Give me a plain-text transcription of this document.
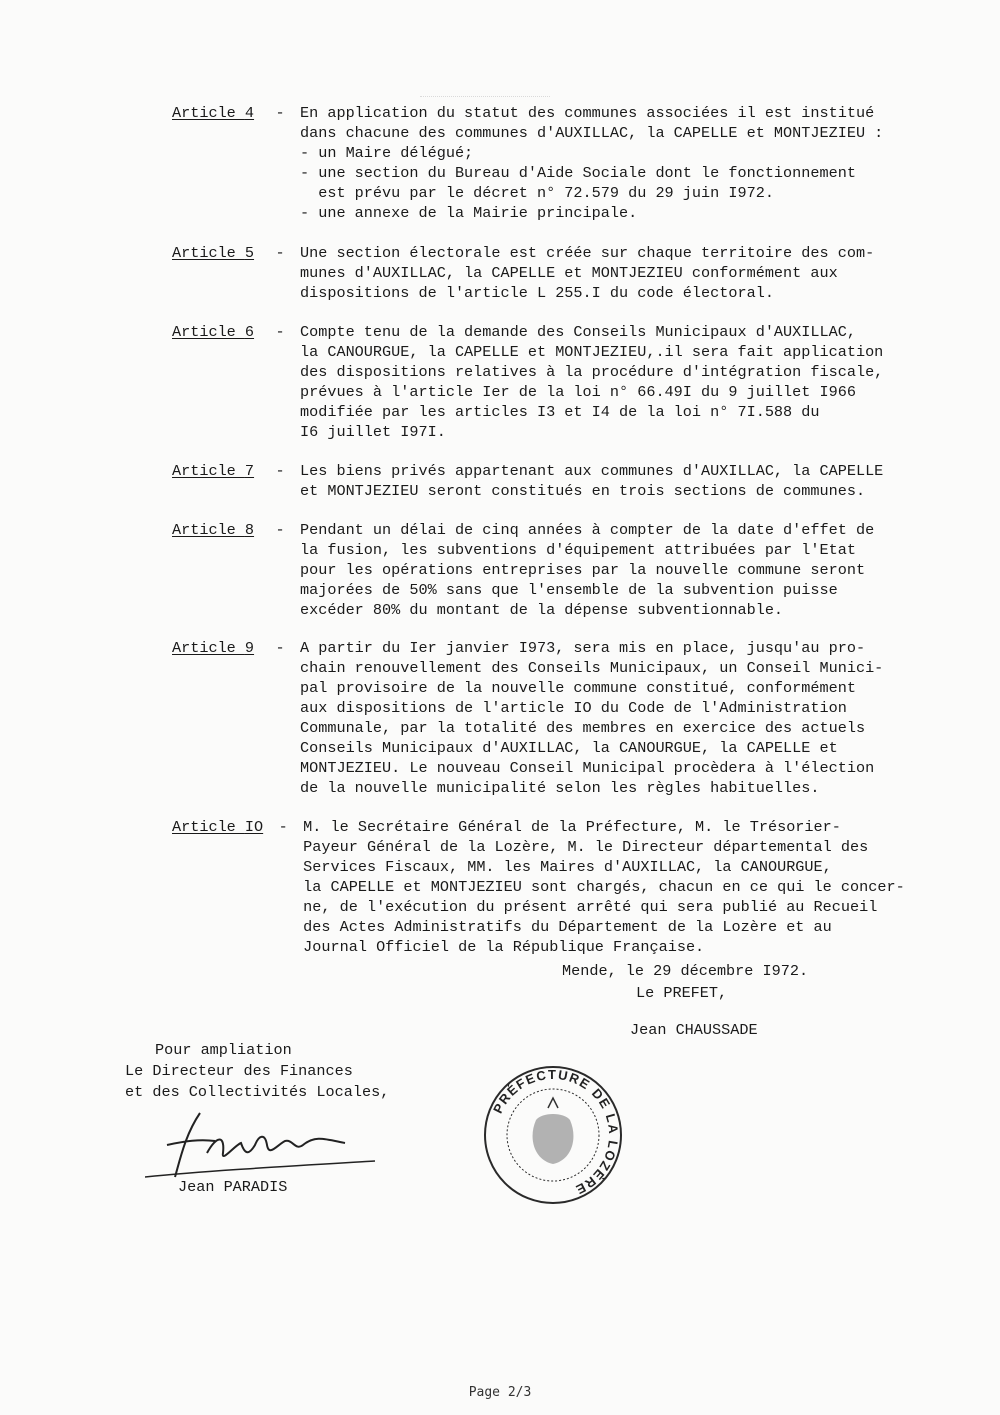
Article 4	-	En application du statut des communes associées il est institué
dans chacune des communes d'AUXILLAC, la CAPELLE et MONTJEZIEU :
- un Maire délégué;
- une section du Bureau d'Aide Sociale dont le fonctionnement
est prévu par le décret n° 72.579 du 29 juin I972.
- une annexe de la Mairie principale.
Article 5	-	Une section électorale est créée sur chaque territoire des com-
munes d'AUXILLAC, la CAPELLE et MONTJEZIEU conformément aux
dispositions de l'article L 255.I du code électoral.
Article 6	-	Compte tenu de la demande des Conseils Municipaux d'AUXILLAC,
la CANOURGUE, la CAPELLE et MONTJEZIEU,.il sera fait application
des dispositions relatives à la procédure d'intégration fiscale,
prévues à l'article Ier de la loi n° 66.49I du 9 juillet I966
modifiée par les articles I3 et I4 de la loi n° 7I.588 du
I6 juillet I97I.
Article 7	-	Les biens privés appartenant aux communes d'AUXILLAC, la CAPELLE
et MONTJEZIEU seront constitués en trois sections de communes.
Article 8	-	Pendant un délai de cinq années à compter de la date d'effet de
la fusion, les subventions d'équipement attribuées par l'Etat
pour les opérations entreprises par la nouvelle commune seront
majorées de 50% sans que l'ensemble de la subvention puisse
excéder 80% du montant de la dépense subventionnable.
Article 9	-	A partir du Ier janvier I973, sera mis en place, jusqu'au pro-
chain renouvellement des Conseils Municipaux, un Conseil Munici-
pal provisoire de la nouvelle commune constitué, conformément
aux dispositions de l'article IO du Code de l'Administration
Communale, par la totalité des membres en exercice des actuels
Conseils Municipaux d'AUXILLAC, la CANOURGUE, la CAPELLE et
MONTJEZIEU. Le nouveau Conseil Municipal procèdera à l'élection
de la nouvelle municipalité selon les règles habituelles.
Article IO	-	M. le Secrétaire Général de la Préfecture, M. le Trésorier-
Payeur Général de la Lozère, M. le Directeur départemental des
Services Fiscaux, MM. les Maires d'AUXILLAC, la CANOURGUE,
la CAPELLE et MONTJEZIEU sont chargés, chacun en ce qui le concer-
ne, de l'exécution du présent arrêté qui sera publié au Recueil
des Actes Administratifs du Département de la Lozère et au
Journal Officiel de la République Française.
Mende, le 29 décembre I972.
Le PREFET,
Jean CHAUSSADE
Pour ampliation
Le Directeur des Finances
et des Collectivités Locales,
Jean PARADIS
PRÉFECTURE DE LA LOZÈRE
Page 2/3
